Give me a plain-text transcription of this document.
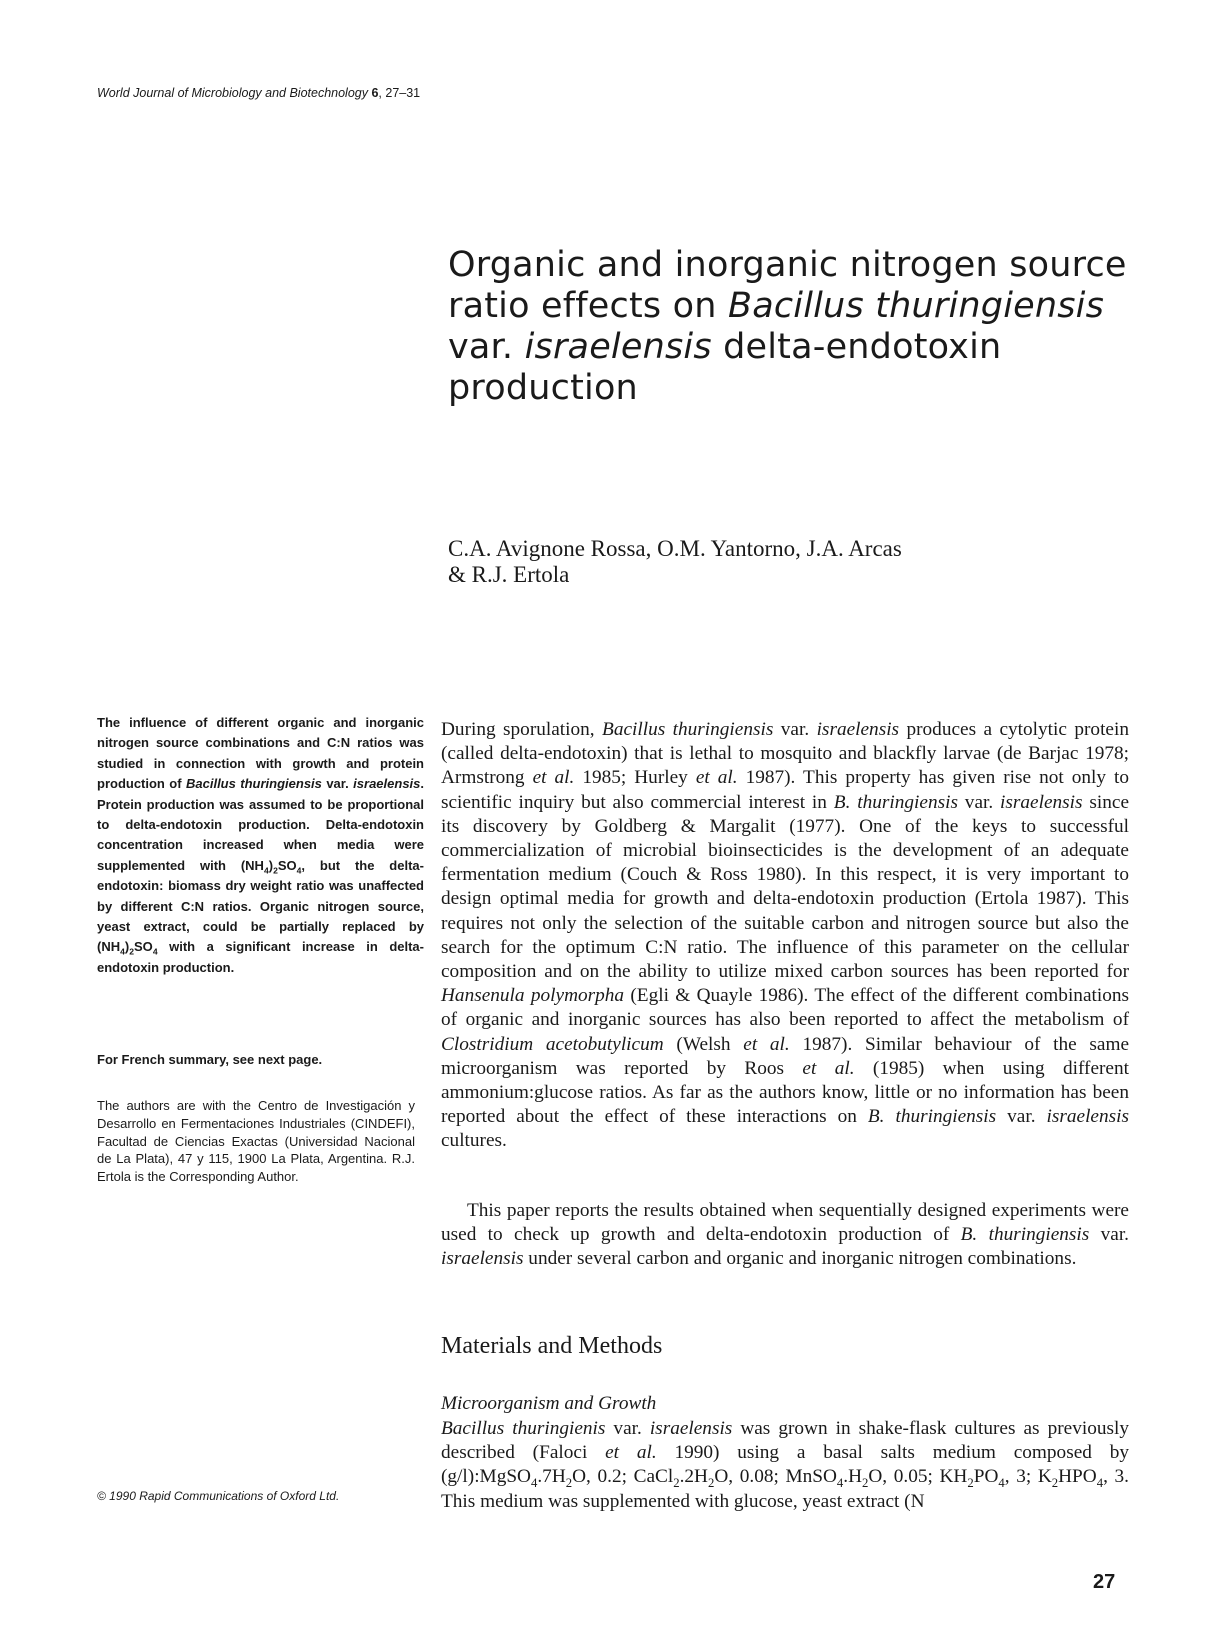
World Journal of Microbiology and Biotechnology 6, 27–31
Organic and inorganic nitrogen source
ratio effects on Bacillus thuringiensis
var. israelensis delta-endotoxin
production
C.A. Avignone Rossa, O.M. Yantorno, J.A. Arcas
& R.J. Ertola

The influence of different organic and inorganic nitrogen source combinations and C:N ratios was studied in connection with growth and protein production of Bacillus thuringiensis var. israelensis. Protein production was assumed to be proportional to delta-endotoxin production. Delta-endotoxin concentration increased when media were supplemented with $(NH_4)_2SO_4$, but the delta-endotoxin: biomass dry weight ratio was unaffected by different C:N ratios. Organic nitrogen source, yeast extract, could be partially replaced by $(NH_4)_2SO_4$ with a significant increase in delta-endotoxin production.

For French summary, see next page.

The authors are with the Centro de Investigación y Desarrollo en Fermentaciones Industriales (CINDEFI), Facultad de Ciencias Exactas (Universidad Nacional de La Plata), 47 y 115, 1900 La Plata, Argentina. R.J. Ertola is the Corresponding Author.

© 1990 Rapid Communications of Oxford Ltd.

During sporulation, Bacillus thuringiensis var. israelensis produces a cytolytic protein (called delta-endotoxin) that is lethal to mosquito and blackfly larvae (de Barjac 1978; Armstrong et al. 1985; Hurley et al. 1987). This property has given rise not only to scientific inquiry but also commercial interest in B. thuringiensis var. israelensis since its discovery by Goldberg & Margalit (1977). One of the keys to successful commercialization of microbial bioinsecticides is the development of an adequate fermentation medium (Couch & Ross 1980). In this respect, it is very important to design optimal media for growth and delta-endotoxin production (Ertola 1987). This requires not only the selection of the suitable carbon and nitrogen source but also the search for the optimum C:N ratio. The influence of this parameter on the cellular composition and on the ability to utilize mixed carbon sources has been reported for Hansenula polymorpha (Egli & Quayle 1986). The effect of the different combinations of organic and inorganic sources has also been reported to affect the metabolism of Clostridium acetobutylicum (Welsh et al. 1987). Similar behaviour of the same microorganism was reported by Roos et al. (1985) when using different ammonium:glucose ratios. As far as the authors know, little or no information has been reported about the effect of these interactions on B. thuringiensis var. israelensis cultures.

This paper reports the results obtained when sequentially designed experiments were used to check up growth and delta-endotoxin production of B. thuringiensis var. israelensis under several carbon and organic and inorganic nitrogen combinations.

Materials and Methods
Microorganism and Growth

Bacillus thuringienis var. israelensis was grown in shake-flask cultures as previously described (Faloci et al. 1990) using a basal salts medium composed by $(g/l):MgSO_4.7H_2O$, 0.2; $CaCl_2.2H_2O$, 0.08; $MnSO_4.H_2O$, 0.05; $KH_2PO_4$, 3; $K_2HPO_4$, 3. This medium was supplemented with glucose, yeast extract (N

27
